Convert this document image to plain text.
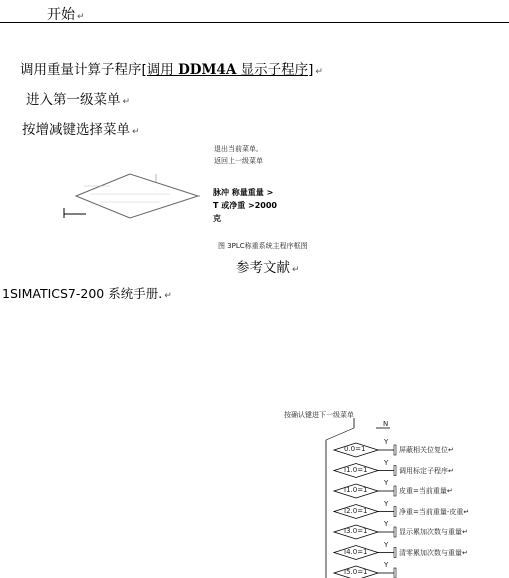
开始 ↵
调用重量计算子程序[调用 DDM4A 显示子程序] ↵
进入第一级菜单 ↵
按增减键选择菜单 ↵
退出当前菜单,
返回上一级菜单
脉冲 称量重量 >
T 或净重 >2000
克
图 3PLC称重系统主程序框图
参考文献 ↵
1SIMATICS7-200 系统手册. ↵
按确认键进下一级菜单
N
0.0=1
Y
屏蔽相关位复位↵
I1.0=1
Y
调用标定子程序↵
I1.0=1
Y
皮重=当前重量↵
I2.0=1
Y
净重=当前重量-皮重↵
I3.0=1
Y
显示累加次数与重量↵
I4.0=1
Y
清零累加次数与重量↵
I5.0=1
Y
